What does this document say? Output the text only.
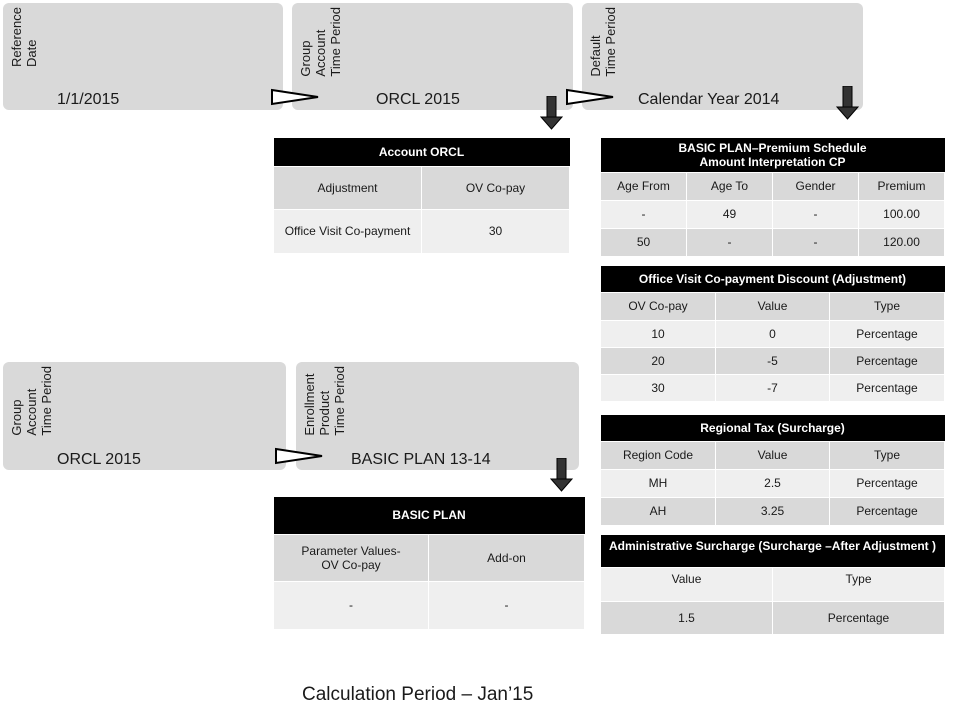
Reference
Date
1/1/2015
Group
Account
Time Period
ORCL 2015
Default
Time Period
Calendar Year 2014
Account ORCL	
Adjustment	OV Co-pay
Office Visit Co-payment	30
BASIC PLAN–Premium Schedule
Amount Interpretation CP			
Age From	Age To	Gender	Premium
-	49	-	100.00
50	-	-	120.00
Office Visit Co-payment Discount (Adjustment)		
OV Co-pay	Value	Type
10	0	Percentage
20	-5	Percentage
30	-7	Percentage
Regional Tax (Surcharge)		
Region Code	Value	Type
MH	2.5	Percentage
AH	3.25	Percentage
Administrative Surcharge (Surcharge –After Adjustment )	
Value	Type
1.5	Percentage
Group
Account
Time Period
ORCL 2015
Enrollment
Product
Time Period
BASIC PLAN 13-14
BASIC PLAN	
Parameter Values-
OV Co-pay	Add-on
-	-
Calculation Period – Jan’15
